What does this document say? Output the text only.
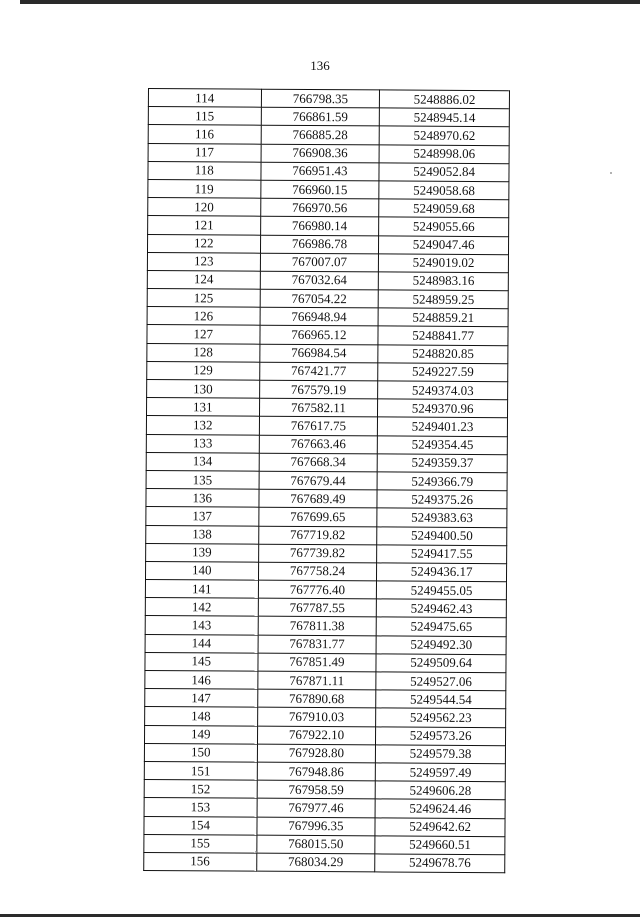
136
114	766798.35	5248886.02
115	766861.59	5248945.14
116	766885.28	5248970.62
117	766908.36	5248998.06
118	766951.43	5249052.84
119	766960.15	5249058.68
120	766970.56	5249059.68
121	766980.14	5249055.66
122	766986.78	5249047.46
123	767007.07	5249019.02
124	767032.64	5248983.16
125	767054.22	5248959.25
126	766948.94	5248859.21
127	766965.12	5248841.77
128	766984.54	5248820.85
129	767421.77	5249227.59
130	767579.19	5249374.03
131	767582.11	5249370.96
132	767617.75	5249401.23
133	767663.46	5249354.45
134	767668.34	5249359.37
135	767679.44	5249366.79
136	767689.49	5249375.26
137	767699.65	5249383.63
138	767719.82	5249400.50
139	767739.82	5249417.55
140	767758.24	5249436.17
141	767776.40	5249455.05
142	767787.55	5249462.43
143	767811.38	5249475.65
144	767831.77	5249492.30
145	767851.49	5249509.64
146	767871.11	5249527.06
147	767890.68	5249544.54
148	767910.03	5249562.23
149	767922.10	5249573.26
150	767928.80	5249579.38
151	767948.86	5249597.49
152	767958.59	5249606.28
153	767977.46	5249624.46
154	767996.35	5249642.62
155	768015.50	5249660.51
156	768034.29	5249678.76
